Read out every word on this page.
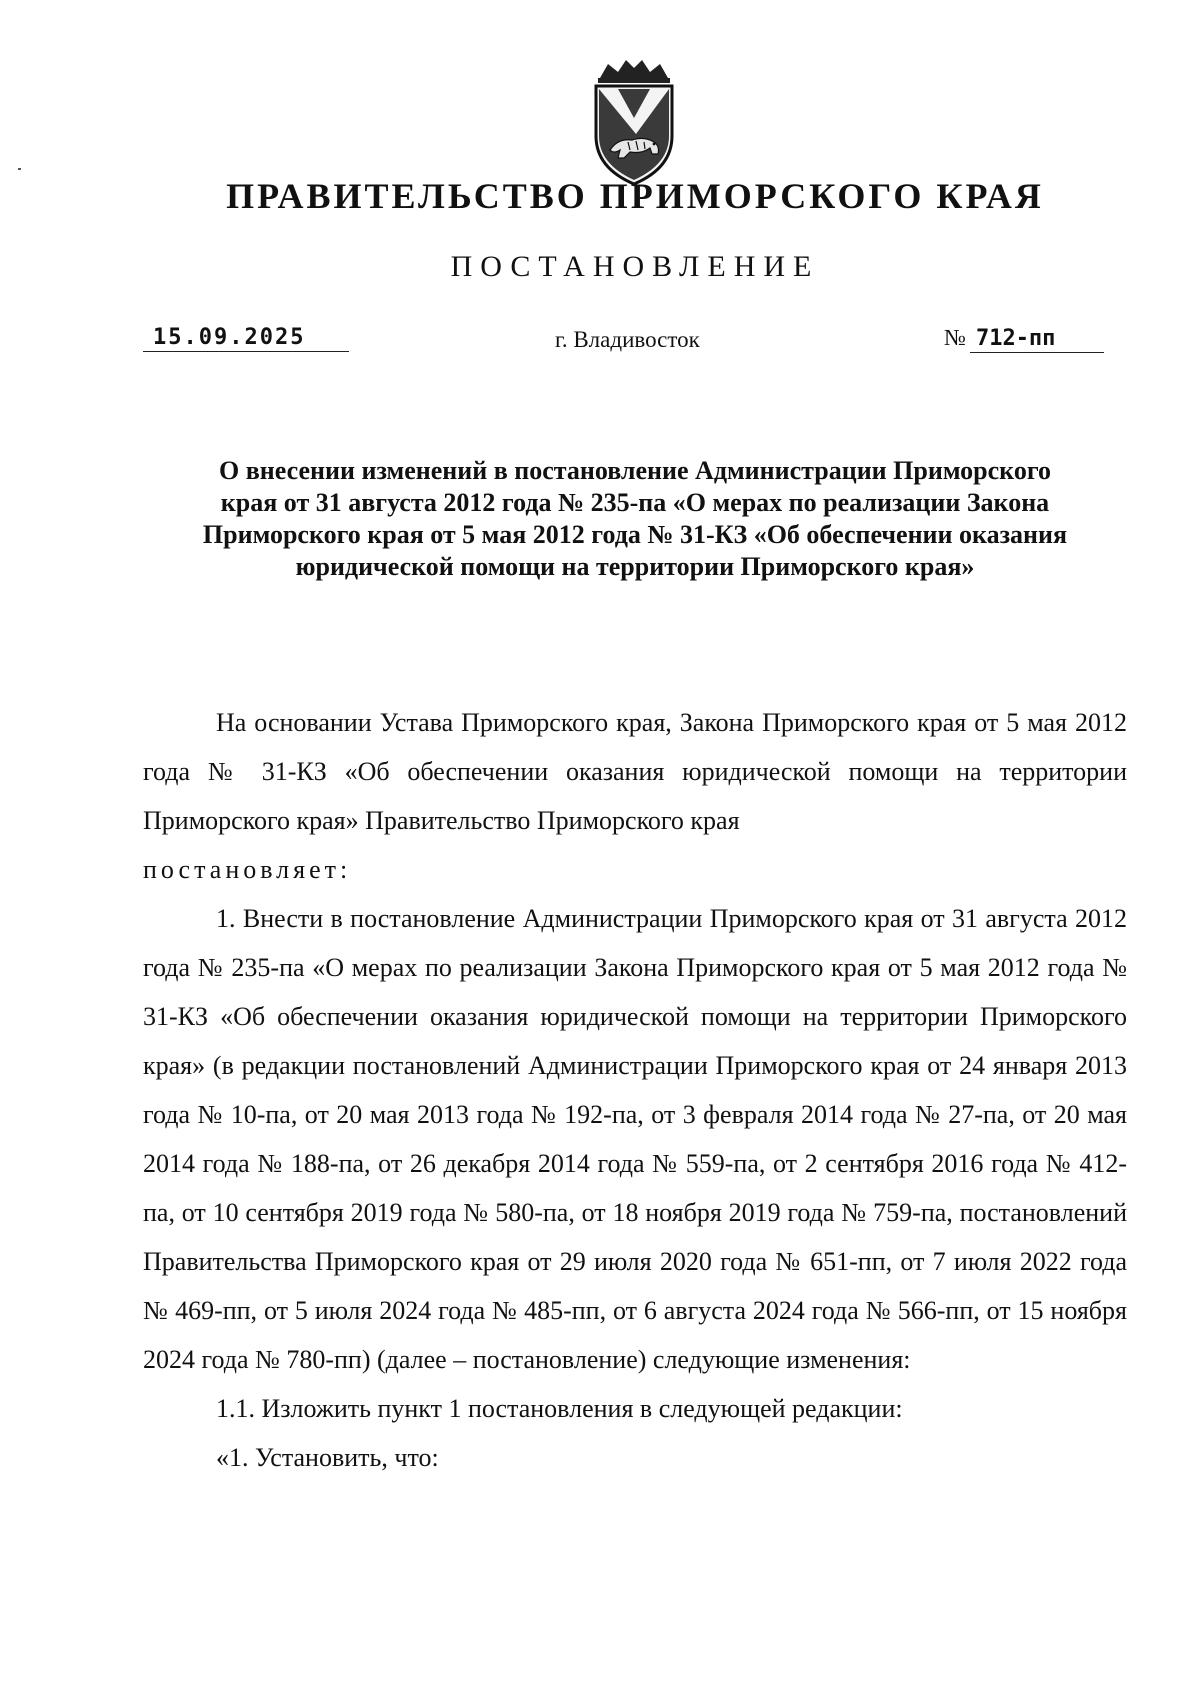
ПРАВИТЕЛЬСТВО ПРИМОРСКОГО КРАЯ
ПОСТАНОВЛЕНИЕ
15.09.2025	г. Владивосток	№ 712-пп
О внесении изменений в постановление Администрации Приморского края от 31 августа 2012 года № 235-па «О мерах по реализации Закона Приморского края от 5 мая 2012 года № 31-КЗ «Об обеспечении оказания юридической помощи на территории Приморского края»

На основании Устава Приморского края, Закона Приморского края от 5 мая 2012 года № 31-КЗ «Об обеспечении оказания юридической помощи на территории Приморского края» Правительство Приморского края

постановляет:

1. Внести в постановление Администрации Приморского края от 31 августа 2012 года № 235-па «О мерах по реализации Закона Приморского края от 5 мая 2012 года № 31-КЗ «Об обеспечении оказания юридической помощи на территории Приморского края» (в редакции постановлений Администрации Приморского края от 24 января 2013 года № 10-па, от 20 мая 2013 года № 192-па, от 3 февраля 2014 года № 27-па, от 20 мая 2014 года № 188-па, от 26 декабря 2014 года № 559-па, от 2 сентября 2016 года № 412-па, от 10 сентября 2019 года № 580-па, от 18 ноября 2019 года № 759-па, постановлений Правительства Приморского края от 29 июля 2020 года № 651-пп, от 7 июля 2022 года № 469-пп, от 5 июля 2024 года № 485-пп, от 6 августа 2024 года № 566-пп, от 15 ноября 2024 года № 780-пп) (далее – постановление) следующие изменения:

1.1. Изложить пункт 1 постановления в следующей редакции:

«1. Установить, что:
